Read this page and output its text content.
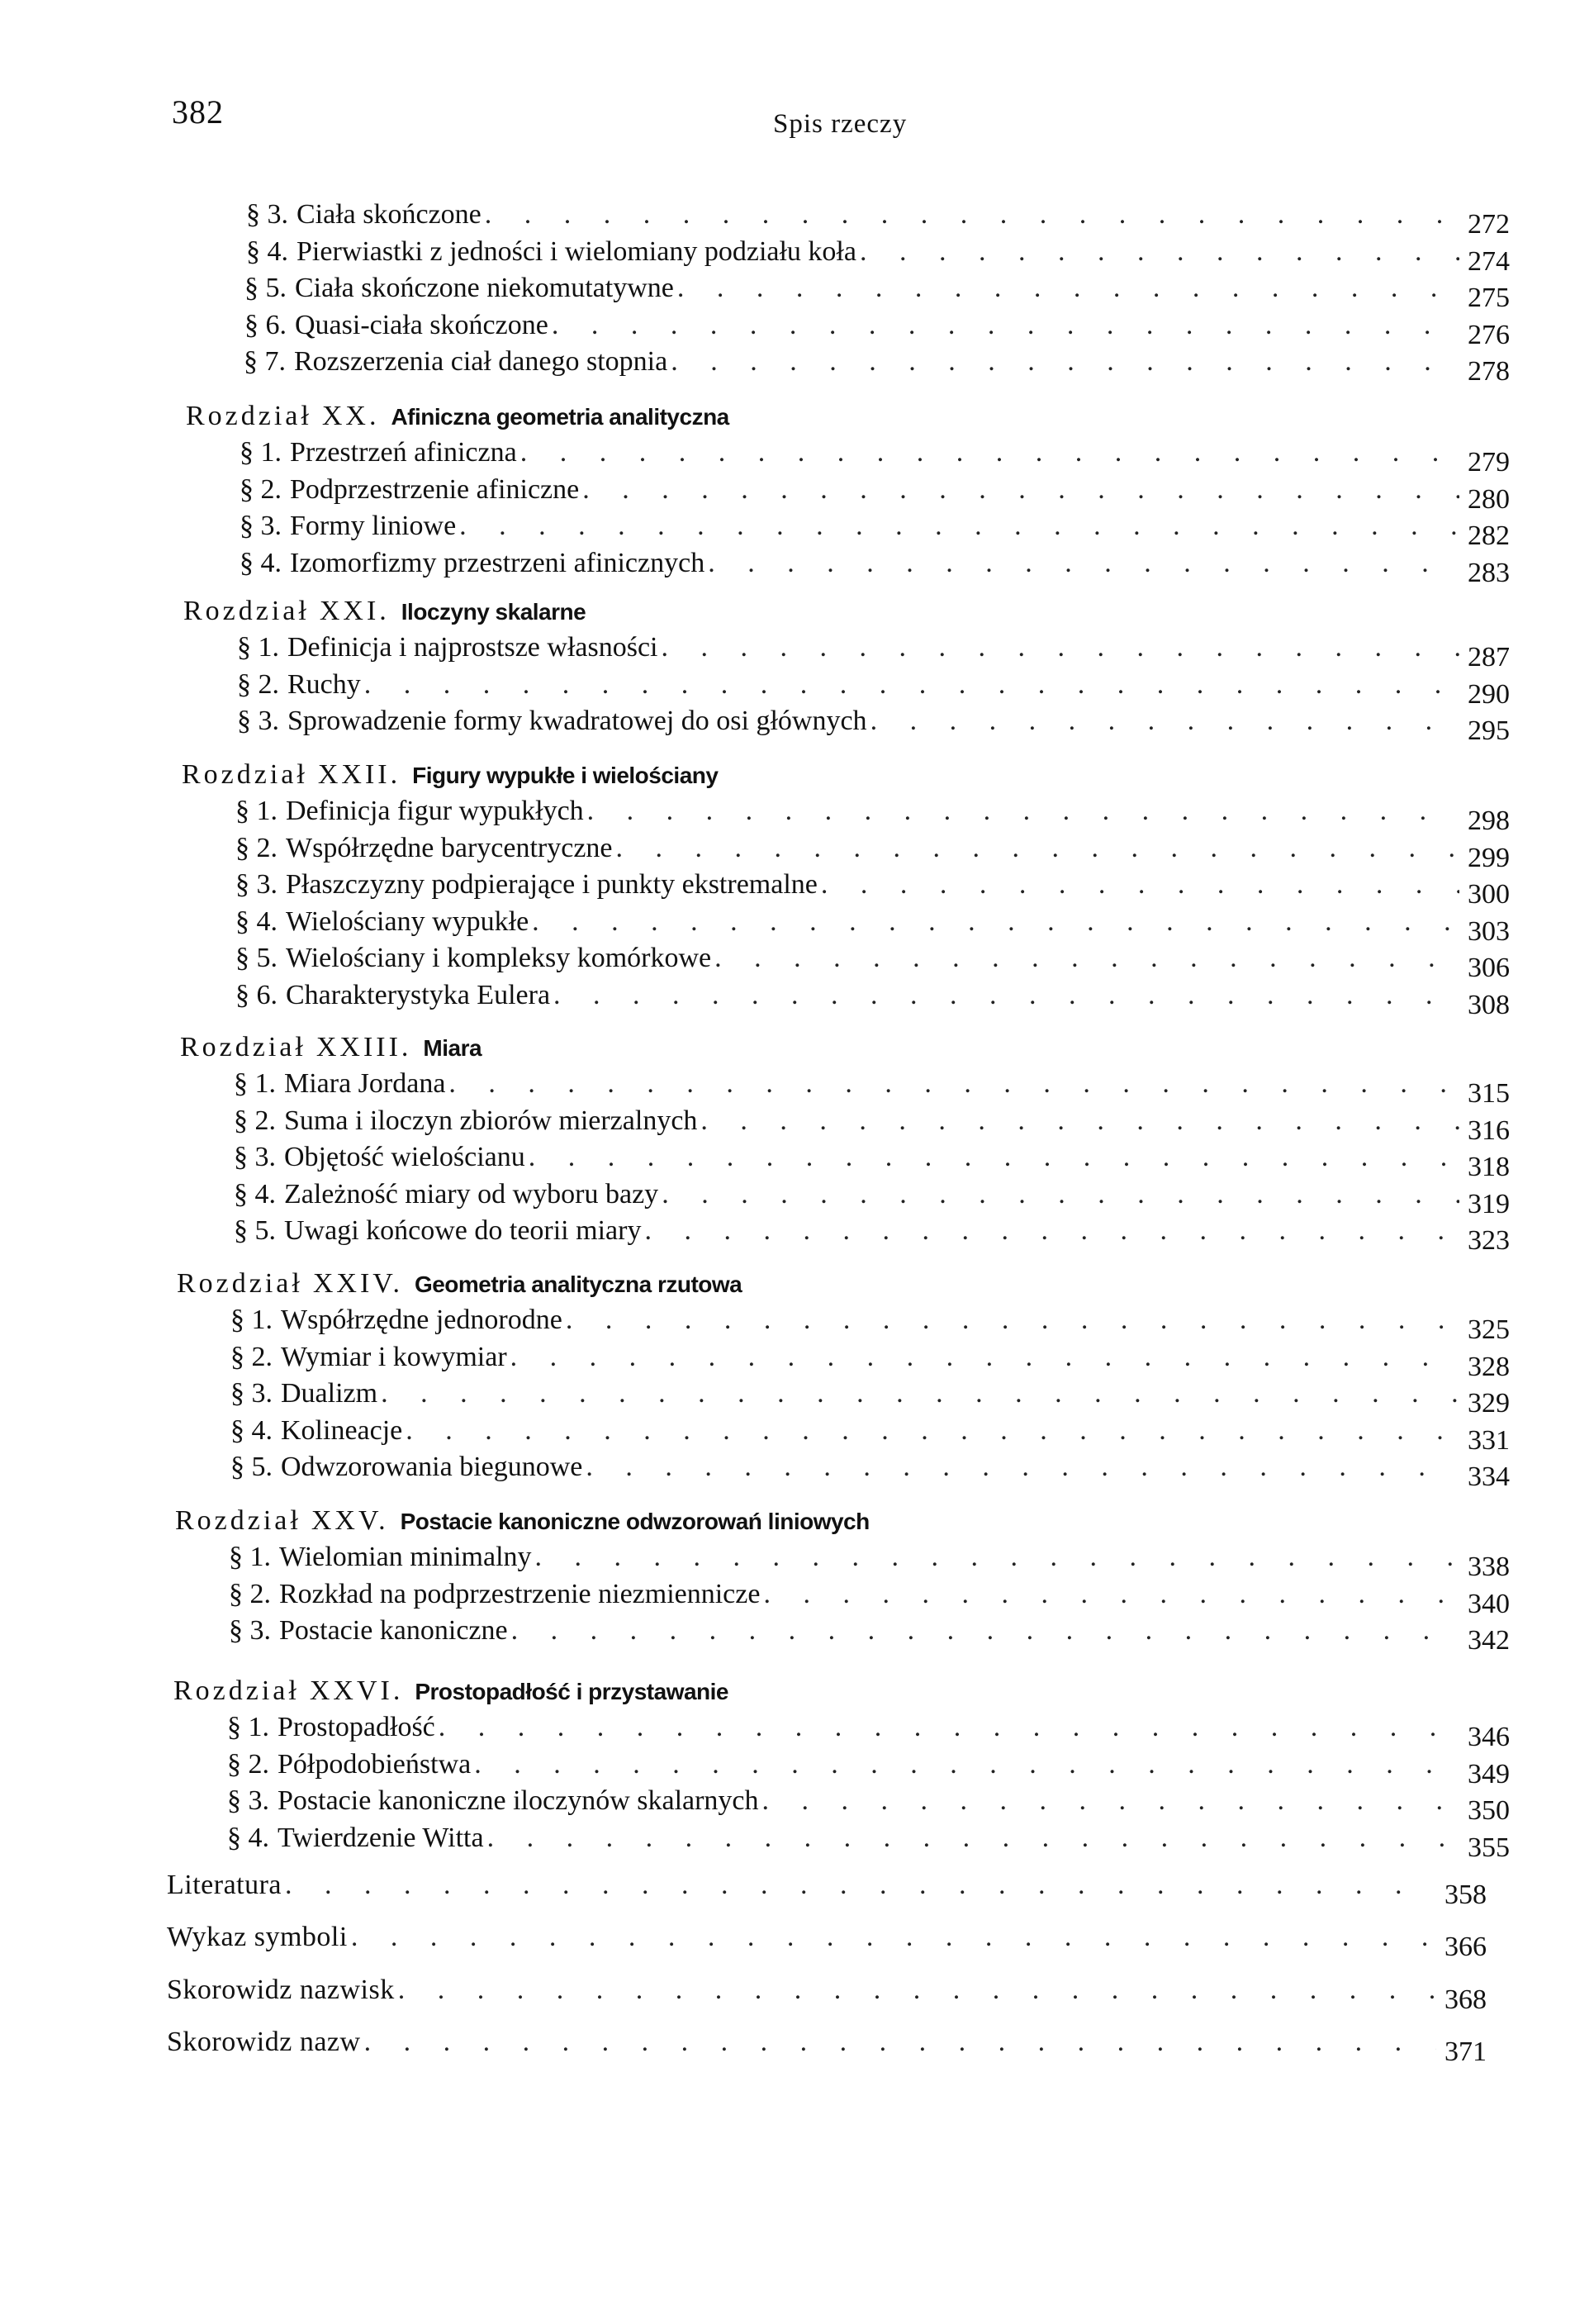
382	Spis rzeczy
§ 3. Ciała skończone . . .	272
§ 4. Pierwiastki z jedności i wielomiany podziału koła . . .	274
§ 5. Ciała skończone niekomutatywne . . .	275
§ 6. Quasi-ciała skończone . . .	276
§ 7. Rozszerzenia ciał danego stopnia . . .	278
Rozdział XX. Afiniczna geometria analityczna
§ 1. Przestrzeń afiniczna . . .	279
§ 2. Podprzestrzenie afiniczne . . .	280
§ 3. Formy liniowe . . .	282
§ 4. Izomorfizmy przestrzeni afinicznych . . .	283
Rozdział XXI. Iloczyny skalarne
§ 1. Definicja i najprostsze własności . . .	287
§ 2. Ruchy . . .	290
§ 3. Sprowadzenie formy kwadratowej do osi głównych . . .	295
Rozdział XXII. Figury wypukłe i wielościany
§ 1. Definicja figur wypukłych . . .	298
§ 2. Współrzędne barycentryczne . . .	299
§ 3. Płaszczyzny podpierające i punkty ekstremalne . . .	300
§ 4. Wielościany wypukłe . . .	303
§ 5. Wielościany i kompleksy komórkowe . . .	306
§ 6. Charakterystyka Eulera . . .	308
Rozdział XXIII. Miara
§ 1. Miara Jordana . . .	315
§ 2. Suma i iloczyn zbiorów mierzalnych . . .	316
§ 3. Objętość wielościanu . . .	318
§ 4. Zależność miary od wyboru bazy . . .	319
§ 5. Uwagi końcowe do teorii miary . . .	323
Rozdział XXIV. Geometria analityczna rzutowa
§ 1. Współrzędne jednorodne . . .	325
§ 2. Wymiar i kowymiar . . .	328
§ 3. Dualizm . . .	329
§ 4. Kolineacje . . .	331
§ 5. Odwzorowania biegunowe . . .	334
Rozdział XXV. Postacie kanoniczne odwzorowań liniowych
§ 1. Wielomian minimalny . . .	338
§ 2. Rozkład na podprzestrzenie niezmiennicze . . .	340
§ 3. Postacie kanoniczne . . .	342
Rozdział XXVI. Prostopadłość i przystawanie
§ 1. Prostopadłość . . .	346
§ 2. Półpodobieństwa . . .	349
§ 3. Postacie kanoniczne iloczynów skalarnych . . .	350
§ 4. Twierdzenie Witta . . .	355
Literatura . . .	358
Wykaz symboli . . .	366
Skorowidz nazwisk . . .	368
Skorowidz nazw . . .	371
